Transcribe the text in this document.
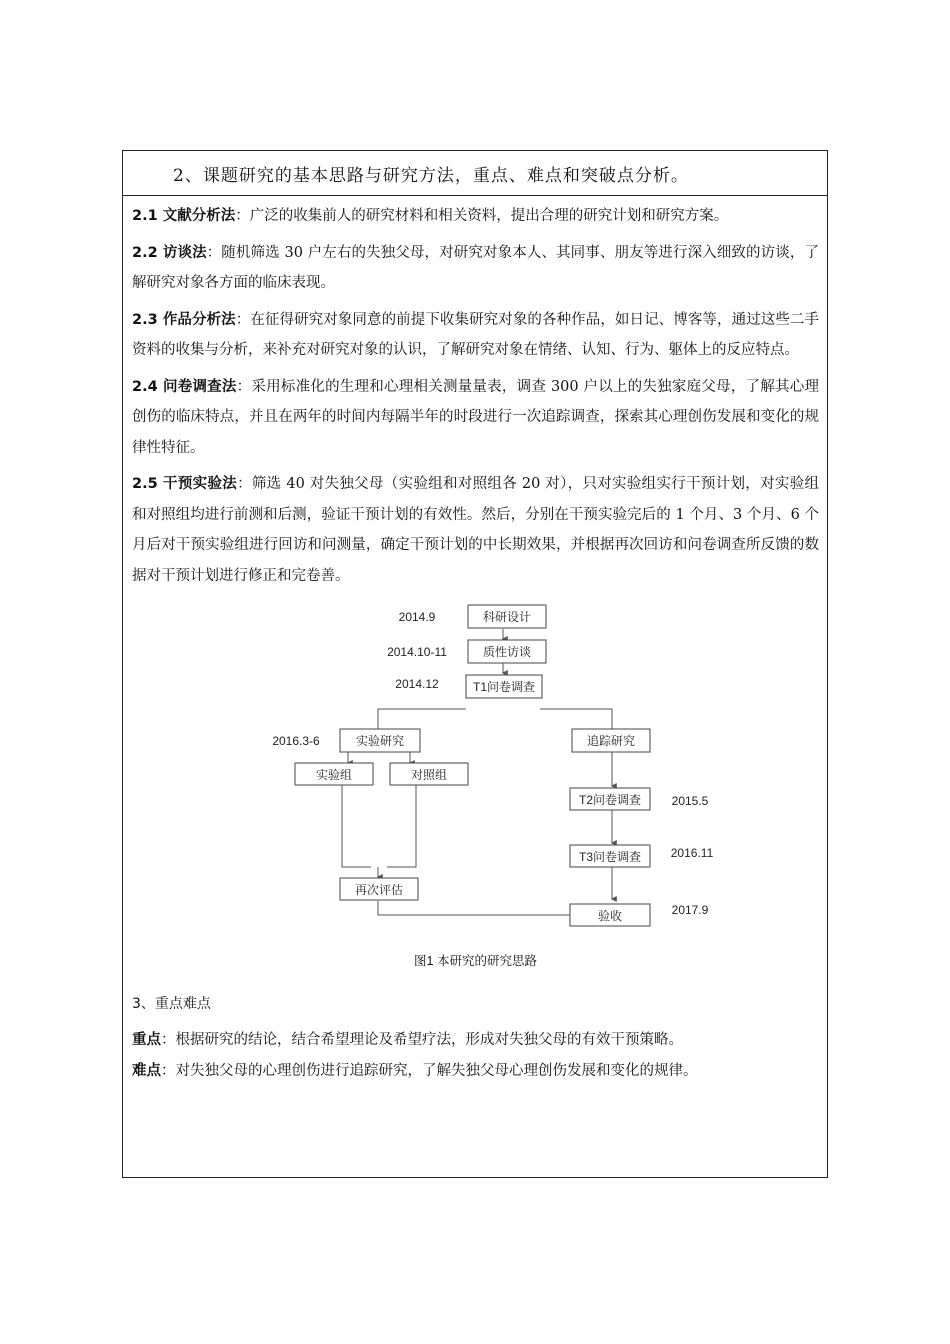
2、课题研究的基本思路与研究方法，重点、难点和突破点分析。

2.1 文献分析法：广泛的收集前人的研究材料和相关资料，提出合理的研究计划和研究方案。

2.2 访谈法：随机筛选 30 户左右的失独父母，对研究对象本人、其同事、朋友等进行深入细致的访谈，了解研究对象各方面的临床表现。

2.3 作品分析法：在征得研究对象同意的前提下收集研究对象的各种作品，如日记、博客等，通过这些二手资料的收集与分析，来补充对研究对象的认识，了解研究对象在情绪、认知、行为、躯体上的反应特点。

2.4 问卷调查法：采用标准化的生理和心理相关测量量表，调查 300 户以上的失独家庭父母，了解其心理创伤的临床特点，并且在两年的时间内每隔半年的时段进行一次追踪调查，探索其心理创伤发展和变化的规律性特征。

2.5 干预实验法：筛选 40 对失独父母（实验组和对照组各 20 对），只对实验组实行干预计划，对实验组和对照组均进行前测和后测，验证干预计划的有效性。然后，分别在干预实验完后的 1 个月、3 个月、6 个月后对干预实验组进行回访和问测量，确定干预计划的中长期效果，并根据再次回访和问卷调查所反馈的数据对干预计划进行修正和完卷善。

科研设计
质性访谈
T1问卷调查
实验研究	追踪研究
实验组	对照组
T2问卷调查
T3问卷调查
再次评估
验收
2014.9
2014.10-11
2014.12
2016.3-6
2015.5
2016.11
2017.9
图1 本研究的研究思路

3、重点难点

重点：根据研究的结论，结合希望理论及希望疗法，形成对失独父母的有效干预策略。

难点：对失独父母的心理创伤进行追踪研究，了解失独父母心理创伤发展和变化的规律。
